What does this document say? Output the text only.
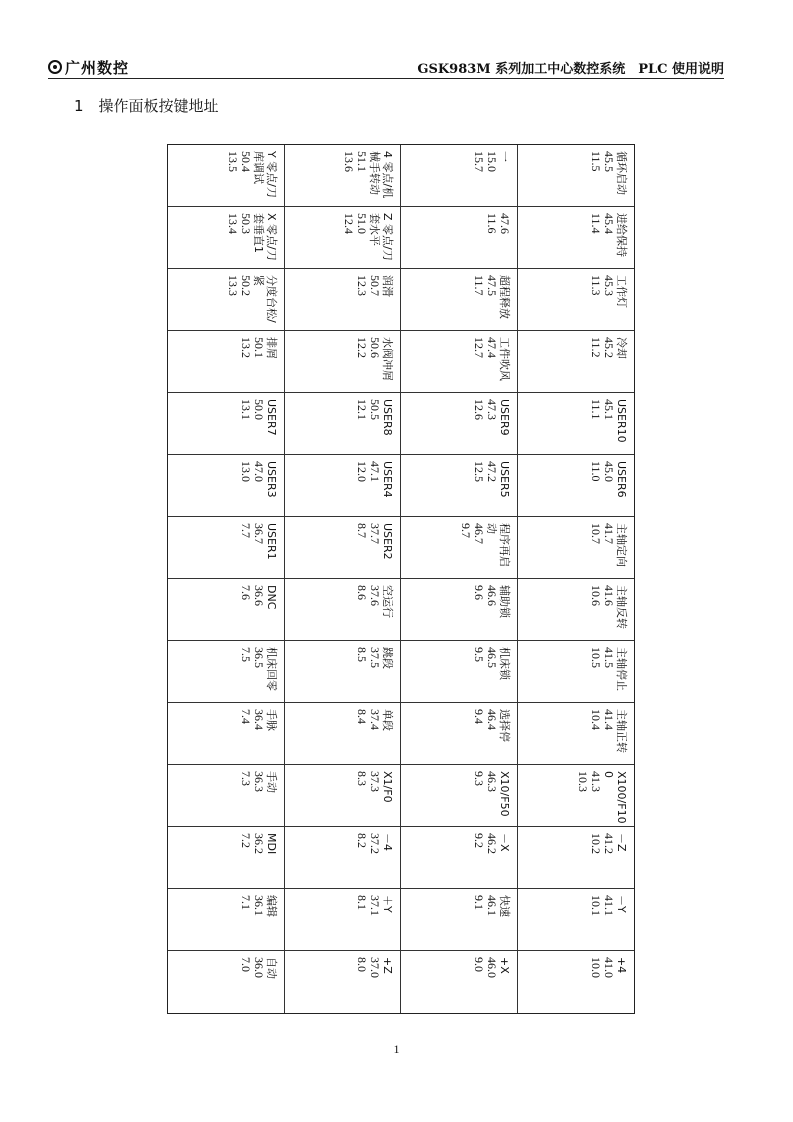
广州数控	GSK983M 系列加工中心数控系统　PLC 使用说明
1　操作面板按键地址
Y 零点/刀库调试
50.4
13.5	4 零点/机械手转动
51.1
13.6	一
15.0
15.7	循环启动
45.5
11.5
X 零点/刀套垂直1
50.3
13.4	Z 零点/刀套水平
51.0
12.4	47.6
11.6	进给保持
45.4
11.4
分度台松/紧
50.2
13.3	润滑
50.7
12.3	超程释放
47.5
11.7	工作灯
45.3
11.3
排屑
50.1
13.2	水阀冲屑
50.6
12.2	工件吹风
47.4
12.7	冷却
45.2
11.2
USER7
50.0
13.1	USER8
50.5
12.1	USER9
47.3
12.6	USER10
45.1
11.1
USER3
47.0
13.0	USER4
47.1
12.0	USER5
47.2
12.5	USER6
45.0
11.0
USER1
36.7
7.7	USER2
37.7
8.7	程序再启动
46.7
9.7	主轴定向
41.7
10.7
DNC
36.6
7.6	空运行
37.6
8.6	辅助锁
46.6
9.6	主轴反转
41.6
10.6
机床回零
36.5
7.5	跳段
37.5
8.5	机床锁
46.5
9.5	主轴停止
41.5
10.5
手脉
36.4
7.4	单段
37.4
8.4	选择停
46.4
9.4	主轴正转
41.4
10.4
手动
36.3
7.3	X1/F0
37.3
8.3	X10/F50
46.3
9.3	X100/F100
41.3
10.3
MDI
36.2
7.2	－4
37.2
8.2	－X
46.2
9.2	－Z
41.2
10.2
编辑
36.1
7.1	＋Y
37.1
8.1	快速
46.1
9.1	－Y
41.1
10.1
自动
36.0
7.0	+Z
37.0
8.0	+X
46.0
9.0	+4
41.0
10.0
1
